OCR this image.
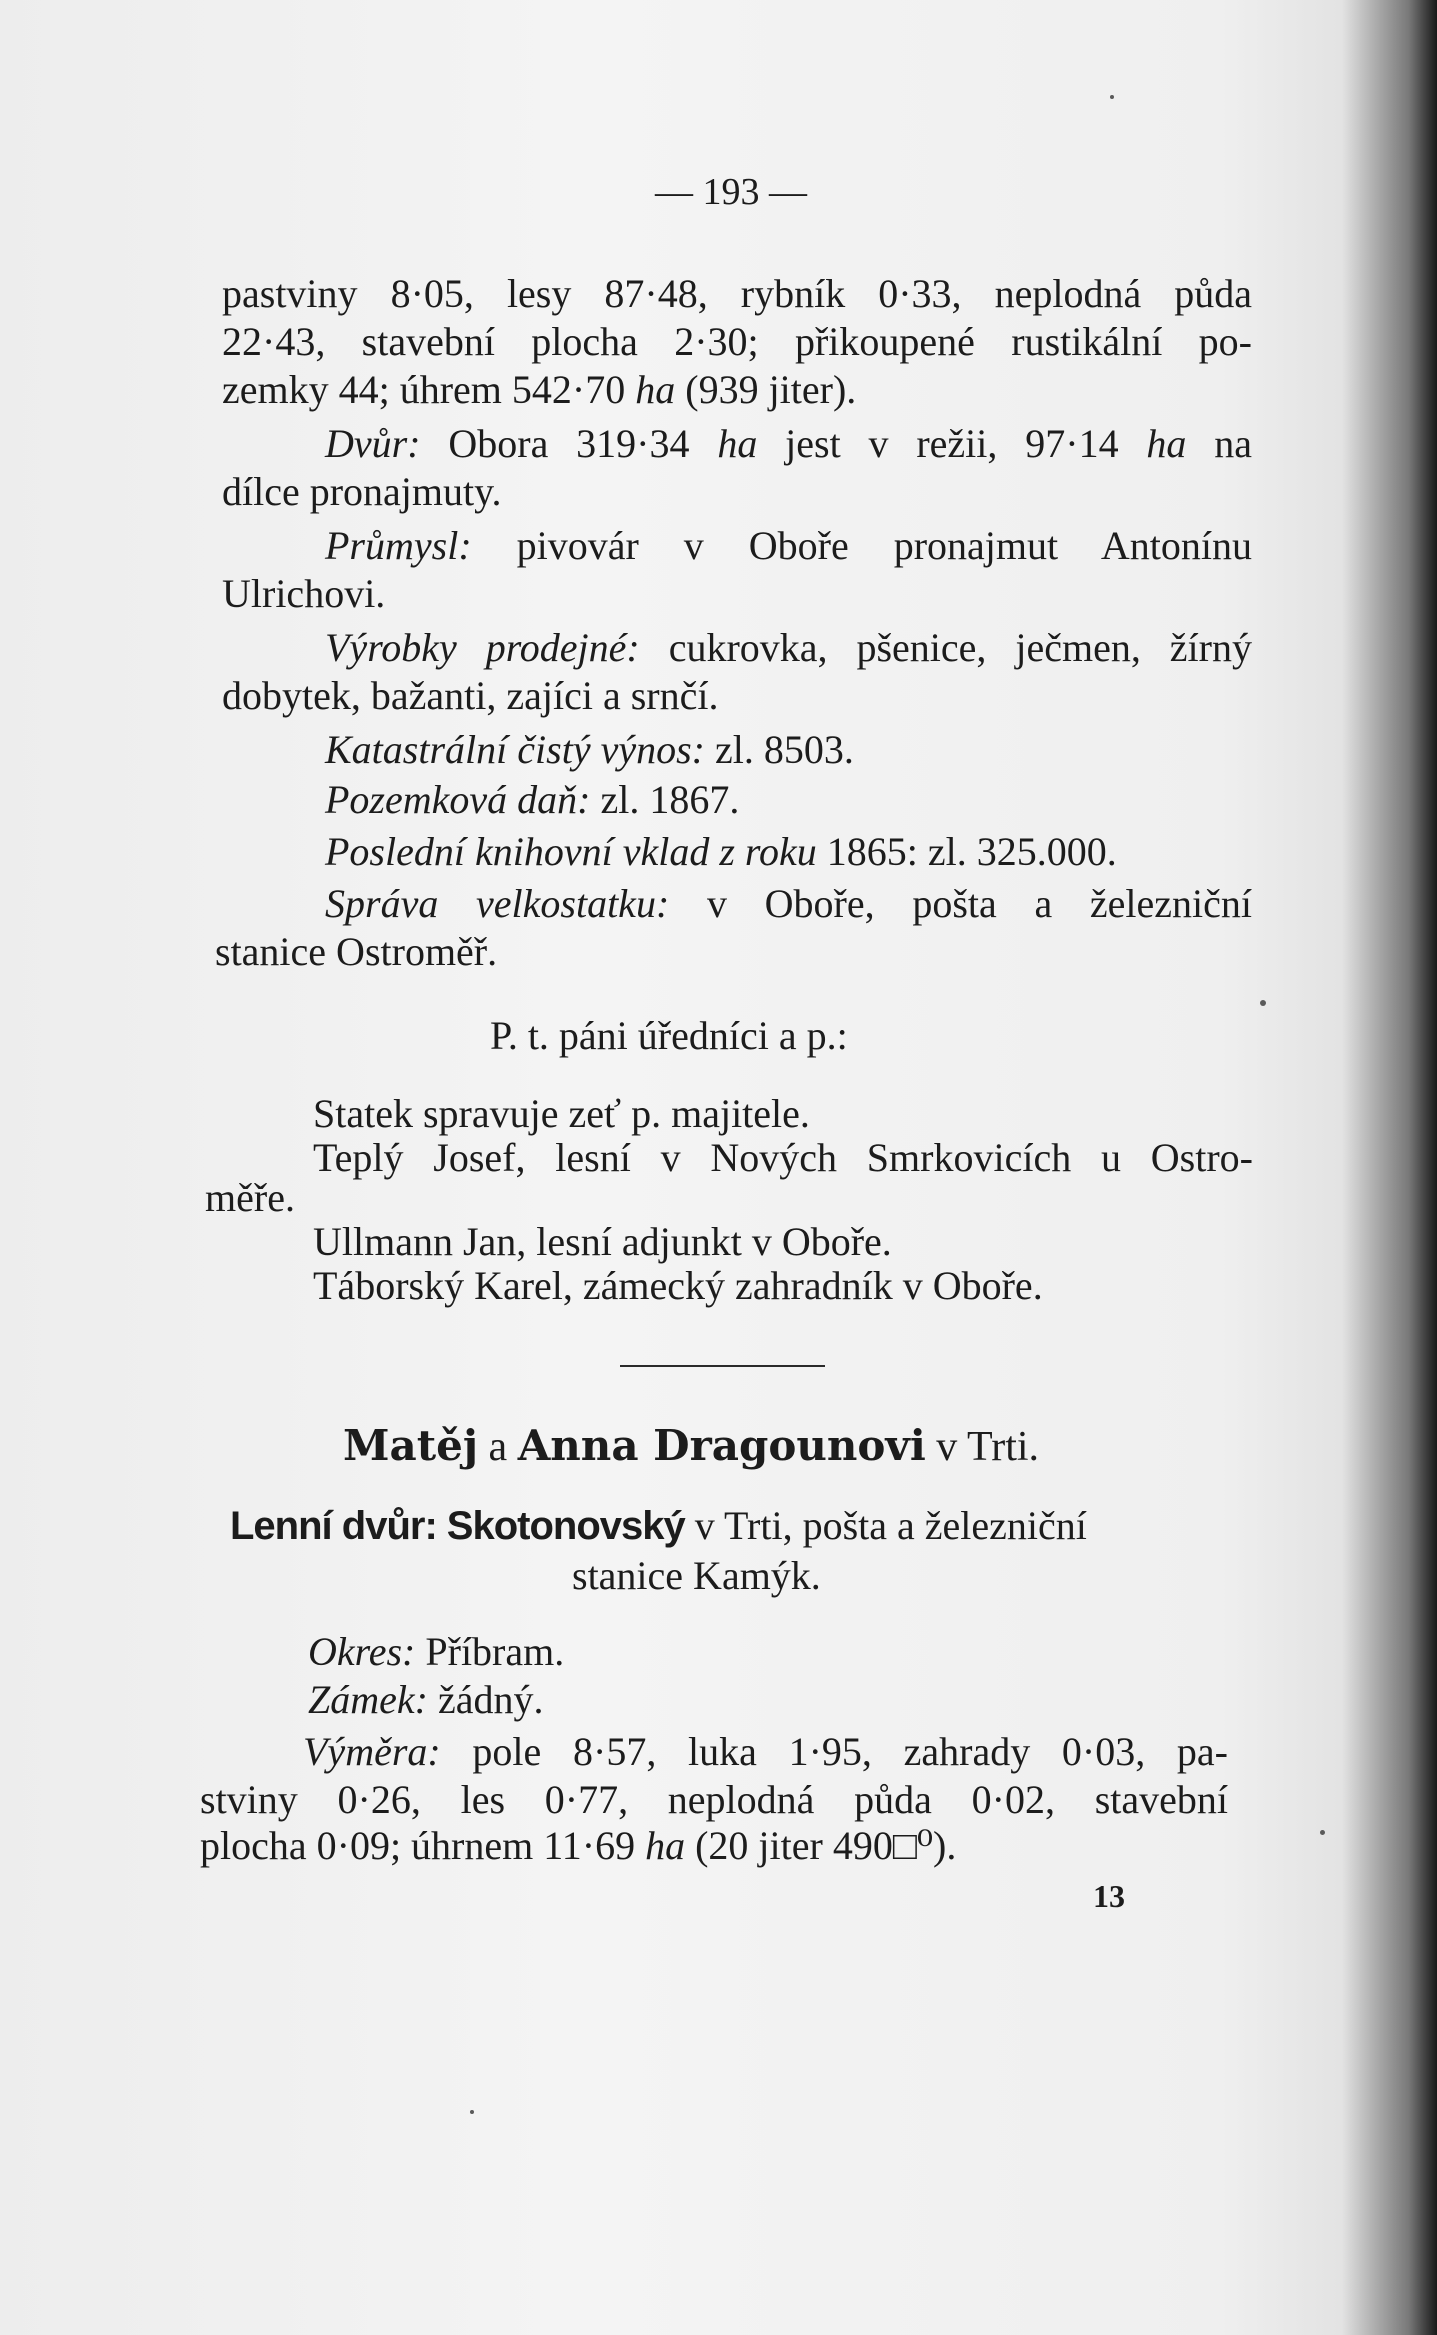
— 193 —
pastviny 8·05, lesy 87·48, rybník 0·33, neplodná půda
22·43, stavební plocha 2·30; přikoupené rustikální po-
zemky 44; úhrem 542·70 ha (939 jiter).
Dvůr: Obora 319·34 ha jest v režii, 97·14 ha na
dílce pronajmuty.
Průmysl: pivovár v Oboře pronajmut Antonínu
Ulrichovi.
Výrobky prodejné: cukrovka, pšenice, ječmen, žírný
dobytek, bažanti, zajíci a srnčí.
Katastrální čistý výnos: zl. 8503.
Pozemková daň: zl. 1867.
Poslední knihovní vklad z roku 1865: zl. 325.000.
Správa velkostatku: v Oboře, pošta a železniční
stanice Ostroměř.
P. t. páni úředníci a p.:
Statek spravuje zeť p. majitele.
Teplý Josef, lesní v Nových Smrkovicích u Ostro-
měře.
Ullmann Jan, lesní adjunkt v Oboře.
Táborský Karel, zámecký zahradník v Oboře.
Matěj a Anna Dragounovi v Trti.
Lenní dvůr: Skotonovský v Trti, pošta a železniční
stanice Kamýk.
Okres: Příbram.
Zámek: žádný.
Výměra: pole 8·57, luka 1·95, zahrady 0·03, pa-
stviny 0·26, les 0·77, neplodná půda 0·02, stavební
plocha 0·09; úhrnem 11·69 ha (20 jiter 490□⁰).
13
